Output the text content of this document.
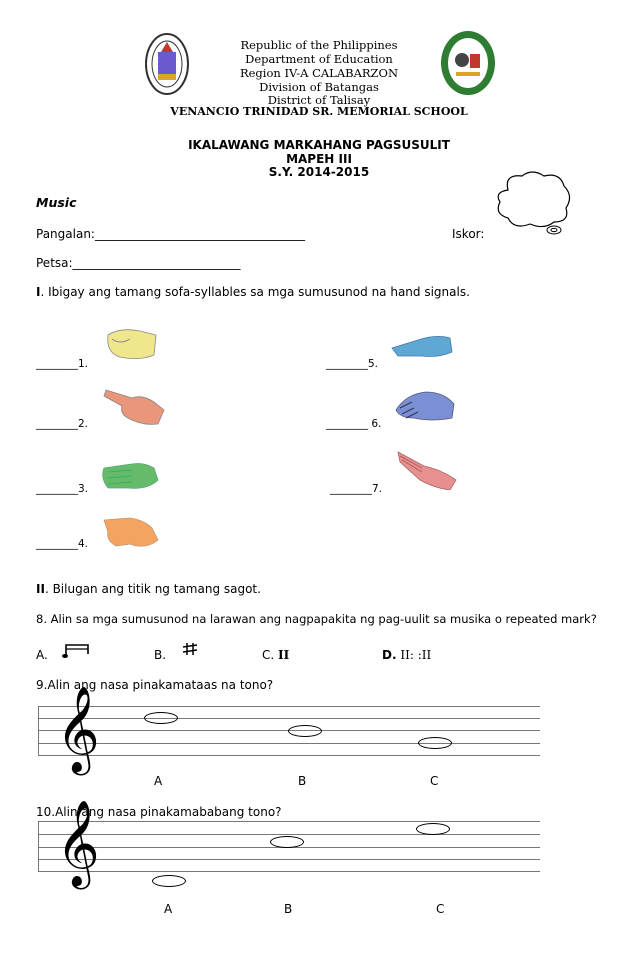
Republic of the Philippines
Department of Education
Region IV-A CALABARZON
Division of Batangas
District of Talisay
VENANCIO TRINIDAD SR. MEMORIAL SCHOOL
IKALAWANG MARKAHANG PAGSUSULIT
MAPEH III
S.Y. 2014-2015
Music
Pangalan:___________________________________	Iskor:
Petsa:____________________________
I. Ibigay ang tamang sofa-syllables sa mga sumusunod na hand signals.
________1.
________2.
________3.
________4.
________5.
________ 6.
________7.
II. Bilugan ang titik ng tamang sagot.
8. Alin sa mga sumusunod na larawan ang nagpapakita ng pag-uulit sa musika o repeated mark?
A.	B.	C. II	D. II: :II
9.Alin ang nasa pinakamataas na tono?
𝄞
A	B	C
10.Alin ang nasa pinakamababang tono?
𝄞
A	B	C
